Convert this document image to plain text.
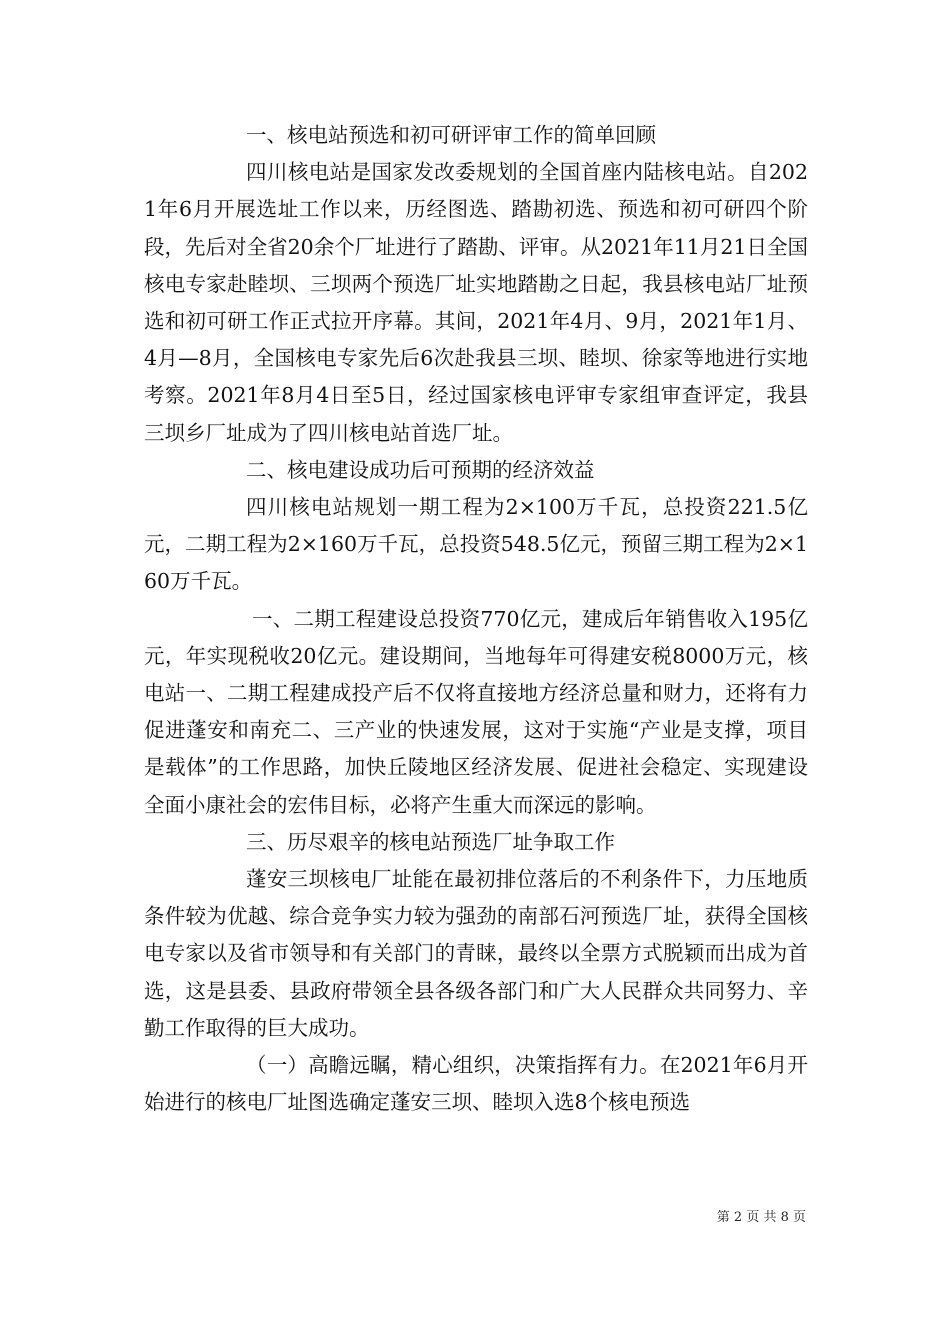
一、核电站预选和初可研评审工作的简单回顾

四川核电站是国家发改委规划的全国首座内陆核电站。自2021年6月开展选址工作以来，历经图选、踏勘初选、预选和初可研四个阶段，先后对全省20余个厂址进行了踏勘、评审。从2021年11月21日全国核电专家赴睦坝、三坝两个预选厂址实地踏勘之日起，我县核电站厂址预选和初可研工作正式拉开序幕。其间，2021年4月、9月，2021年1月、4月—8月，全国核电专家先后6次赴我县三坝、睦坝、徐家等地进行实地考察。2021年8月4日至5日，经过国家核电评审专家组审查评定，我县三坝乡厂址成为了四川核电站首选厂址。

二、核电建设成功后可预期的经济效益

四川核电站规划一期工程为2×100万千瓦，总投资221.5亿元，二期工程为2×160万千瓦，总投资548.5亿元，预留三期工程为2×160万千瓦。

一、二期工程建设总投资770亿元，建成后年销售收入195亿元，年实现税收20亿元。建设期间，当地每年可得建安税8000万元，核电站一、二期工程建成投产后不仅将直接地方经济总量和财力，还将有力促进蓬安和南充二、三产业的快速发展，这对于实施“产业是支撑，项目是载体”的工作思路，加快丘陵地区经济发展、促进社会稳定、实现建设全面小康社会的宏伟目标，必将产生重大而深远的影响。

三、历尽艰辛的核电站预选厂址争取工作

蓬安三坝核电厂址能在最初排位落后的不利条件下，力压地质条件较为优越、综合竞争实力较为强劲的南部石河预选厂址，获得全国核电专家以及省市领导和有关部门的青睐，最终以全票方式脱颖而出成为首选，这是县委、县政府带领全县各级各部门和广大人民群众共同努力、辛勤工作取得的巨大成功。

（一）高瞻远瞩，精心组织，决策指挥有力。在2021年6月开始进行的核电厂址图选确定蓬安三坝、睦坝入选8个核电预选

第 2 页 共 8 页
